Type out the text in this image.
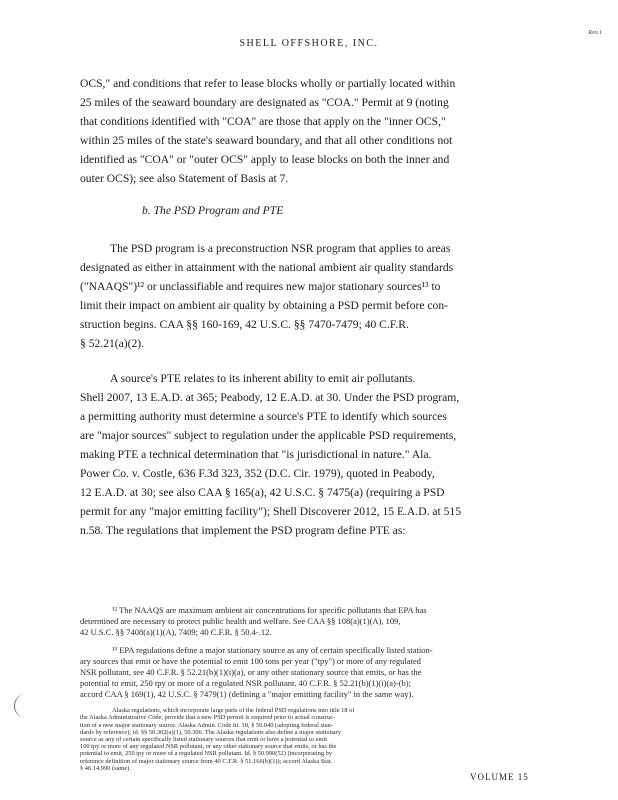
Rev.1
SHELL OFFSHORE, INC.
OCS," and conditions that refer to lease blocks wholly or partially located within
25 miles of the seaward boundary are designated as "COA." Permit at 9 (noting
that conditions identified with "COA" are those that apply on the "inner OCS,"
within 25 miles of the state's seaward boundary, and that all other conditions not
identified as "COA" or "outer OCS" apply to lease blocks on both the inner and
outer OCS); see also Statement of Basis at 7.
b. The PSD Program and PTE
The PSD program is a preconstruction NSR program that applies to areas
designated as either in attainment with the national ambient air quality standards
("NAAQS")¹² or unclassifiable and requires new major stationary sources¹³ to
limit their impact on ambient air quality by obtaining a PSD permit before con-
struction begins. CAA §§ 160-169, 42 U.S.C. §§ 7470-7479; 40 C.F.R.
§ 52.21(a)(2).
A source's PTE relates to its inherent ability to emit air pollutants.
Shell 2007, 13 E.A.D. at 365; Peabody, 12 E.A.D. at 30. Under the PSD program,
a permitting authority must determine a source's PTE to identify which sources
are "major sources" subject to regulation under the applicable PSD requirements,
making PTE a technical determination that "is jurisdictional in nature." Ala.
Power Co. v. Costle, 636 F.3d 323, 352 (D.C. Cir. 1979), quoted in Peabody,
12 E.A.D. at 30; see also CAA § 165(a), 42 U.S.C. § 7475(a) (requiring a PSD
permit for any "major emitting facility"); Shell Discoverer 2012, 15 E.A.D. at 515
n.58. The regulations that implement the PSD program define PTE as:
¹² The NAAQS are maximum ambient air concentrations for specific pollutants that EPA has
determined are necessary to protect public health and welfare. See CAA §§ 108(a)(1)(A), 109,
42 U.S.C. §§ 7408(a)(1)(A), 7409; 40 C.F.R. § 50.4-.12.
¹³ EPA regulations define a major stationary source as any of certain specifically listed station-
ary sources that emit or have the potential to emit 100 tons per year ("tpy") or more of any regulated
NSR pollutant, see 40 C.F.R. § 52.21(b)(1)(i)(a), or any other stationary source that emits, or has the
potential to emit, 250 tpy or more of a regulated NSR pollutant. 40 C.F.R. § 52.21(b)(1)(i)(a)-(b);
accord CAA § 169(1), 42 U.S.C. § 7479(1) (defining a "major emitting facility" in the same way).
Alaska regulations, which incorporate large parts of the federal PSD regulations into title 18 of
the Alaska Administrative Code, provide that a new PSD permit is required prior to actual construc-
tion of a new major stationary source. Alaska Admin. Code tit. 18, § 50.040 (adopting federal stan-
dards by reference); id. §§ 50.302(a)(1), 50.306. The Alaska regulations also define a major stationary
source as any of certain specifically listed stationary sources that emit or have a potential to emit
100 tpy or more of any regulated NSR pollutant, or any other stationary source that emits, or has the
potential to emit, 250 tpy or more of a regulated NSR pollutant. Id. § 50.990(52) (incorporating by
reference definition of major stationary source from 40 C.F.R. § 51.166(b)(1)); accord Alaska Stat.
§ 46.14.990 (same).
VOLUME 15
